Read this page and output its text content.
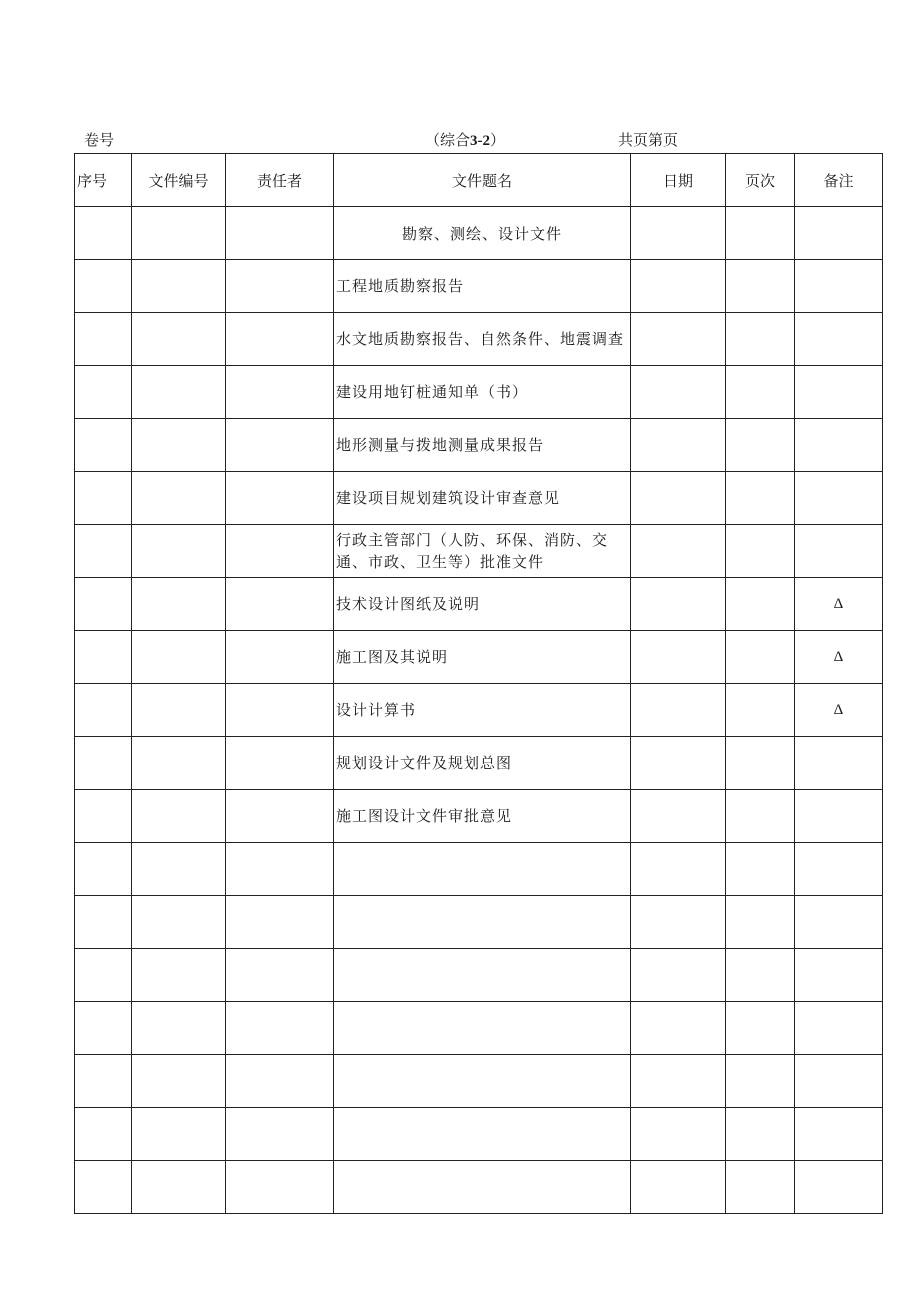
卷号	（综合3-2）	共页第页
序号	文件编号	责任者	文件题名	日期	页次	备注
			勘察、测绘、设计文件			
			工程地质勘察报告			
			水文地质勘察报告、自然条件、地震调查			
			建设用地钉桩通知单（书）			
			地形测量与拨地测量成果报告			
			建设项目规划建筑设计审查意见			
			行政主管部门（人防、环保、消防、交通、市政、卫生等）批准文件			
			技术设计图纸及说明			Δ
			施工图及其说明			Δ
			设计计算书			Δ
			规划设计文件及规划总图			
			施工图设计文件审批意见			
